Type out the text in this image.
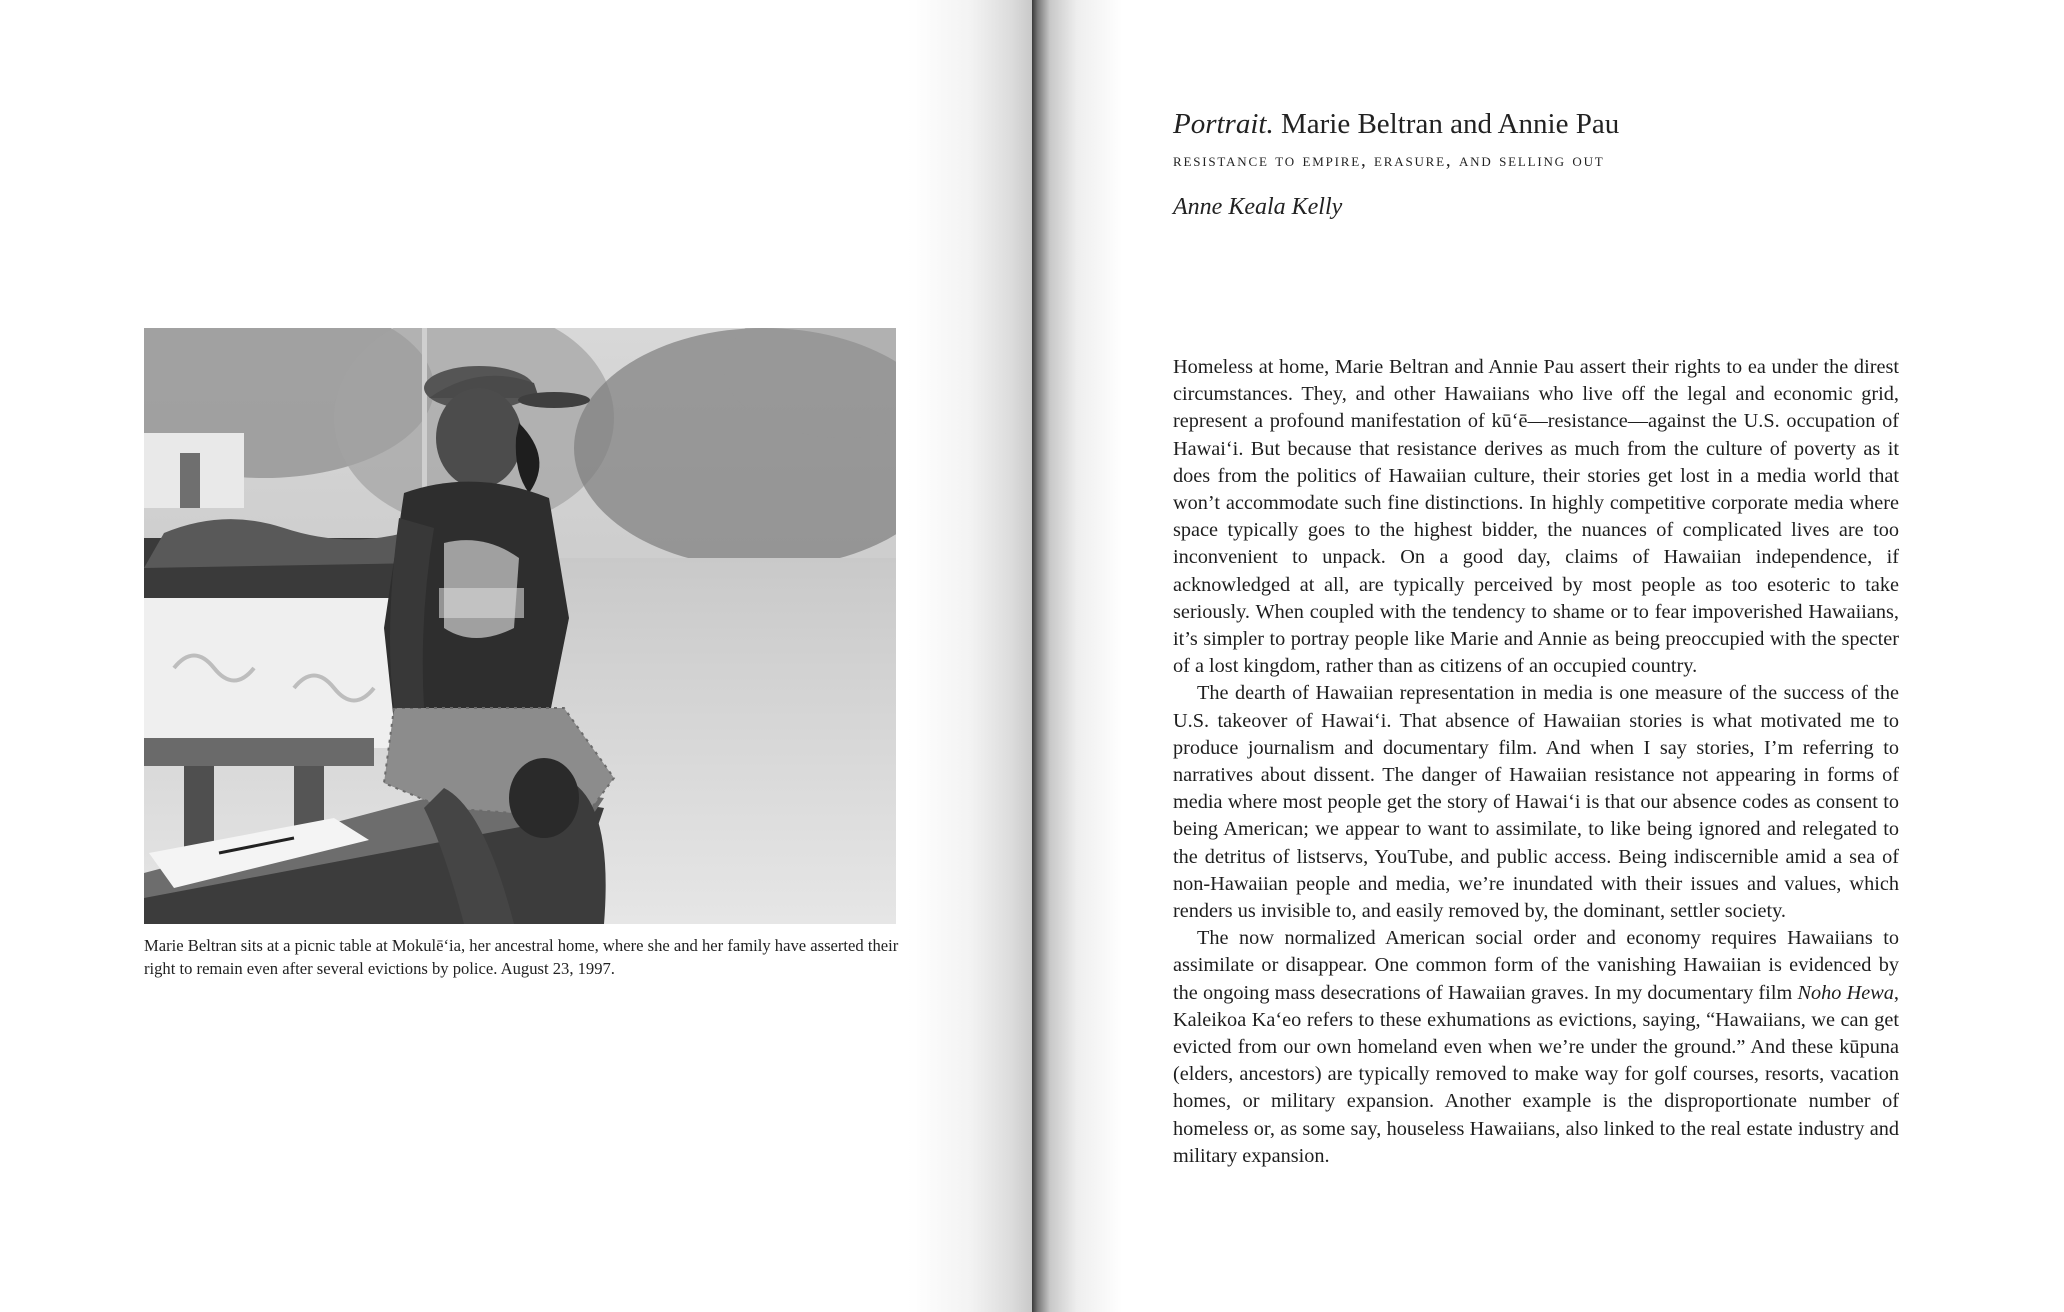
Marie Beltran sits at a picnic table at Mokulēʻia, her ancestral home, where she and her family have asserted their right to remain even after several evictions by police. August 23, 1997.
Portrait. Marie Beltran and Annie Pau
resistance to empire, erasure, and selling out
Anne Keala Kelly

Homeless at home, Marie Beltran and Annie Pau assert their rights to ea under the direst circumstances. They, and other Hawaiians who live off the legal and economic grid, represent a profound manifestation of kūʻē—resistance—against the U.S. occupation of Hawaiʻi. But because that resistance derives as much from the culture of poverty as it does from the politics of Hawaiian culture, their stories get lost in a media world that won’t accommodate such fine distinctions. In highly competitive corporate media where space typically goes to the highest bidder, the nuances of complicated lives are too inconvenient to unpack. On a good day, claims of Hawaiian independence, if acknowledged at all, are typically perceived by most people as too esoteric to take seriously. When coupled with the tendency to shame or to fear impoverished Hawaiians, it’s simpler to portray people like Marie and Annie as being preoccupied with the specter of a lost kingdom, rather than as citizens of an occupied country.

The dearth of Hawaiian representation in media is one measure of the success of the U.S. takeover of Hawaiʻi. That absence of Hawaiian stories is what motivated me to produce journalism and documentary film. And when I say stories, I’m referring to narratives about dissent. The danger of Hawaiian resistance not appearing in forms of media where most people get the story of Hawaiʻi is that our absence codes as consent to being American; we appear to want to assimilate, to like being ignored and relegated to the detritus of listservs, YouTube, and public access. Being indiscernible amid a sea of non-Hawaiian people and media, we’re inundated with their issues and values, which renders us invisible to, and easily removed by, the dominant, settler society.

The now normalized American social order and economy requires Hawaiians to assimilate or disappear. One common form of the vanishing Hawaiian is evidenced by the ongoing mass desecrations of Hawaiian graves. In my documentary film Noho Hewa, Kaleikoa Kaʻeo refers to these exhumations as evictions, saying, “Hawaiians, we can get evicted from our own homeland even when we’re under the ground.” And these kūpuna (elders, ancestors) are typically removed to make way for golf courses, resorts, vacation homes, or military expansion. Another example is the disproportionate number of homeless or, as some say, houseless Hawaiians, also linked to the real estate industry and military expansion.
